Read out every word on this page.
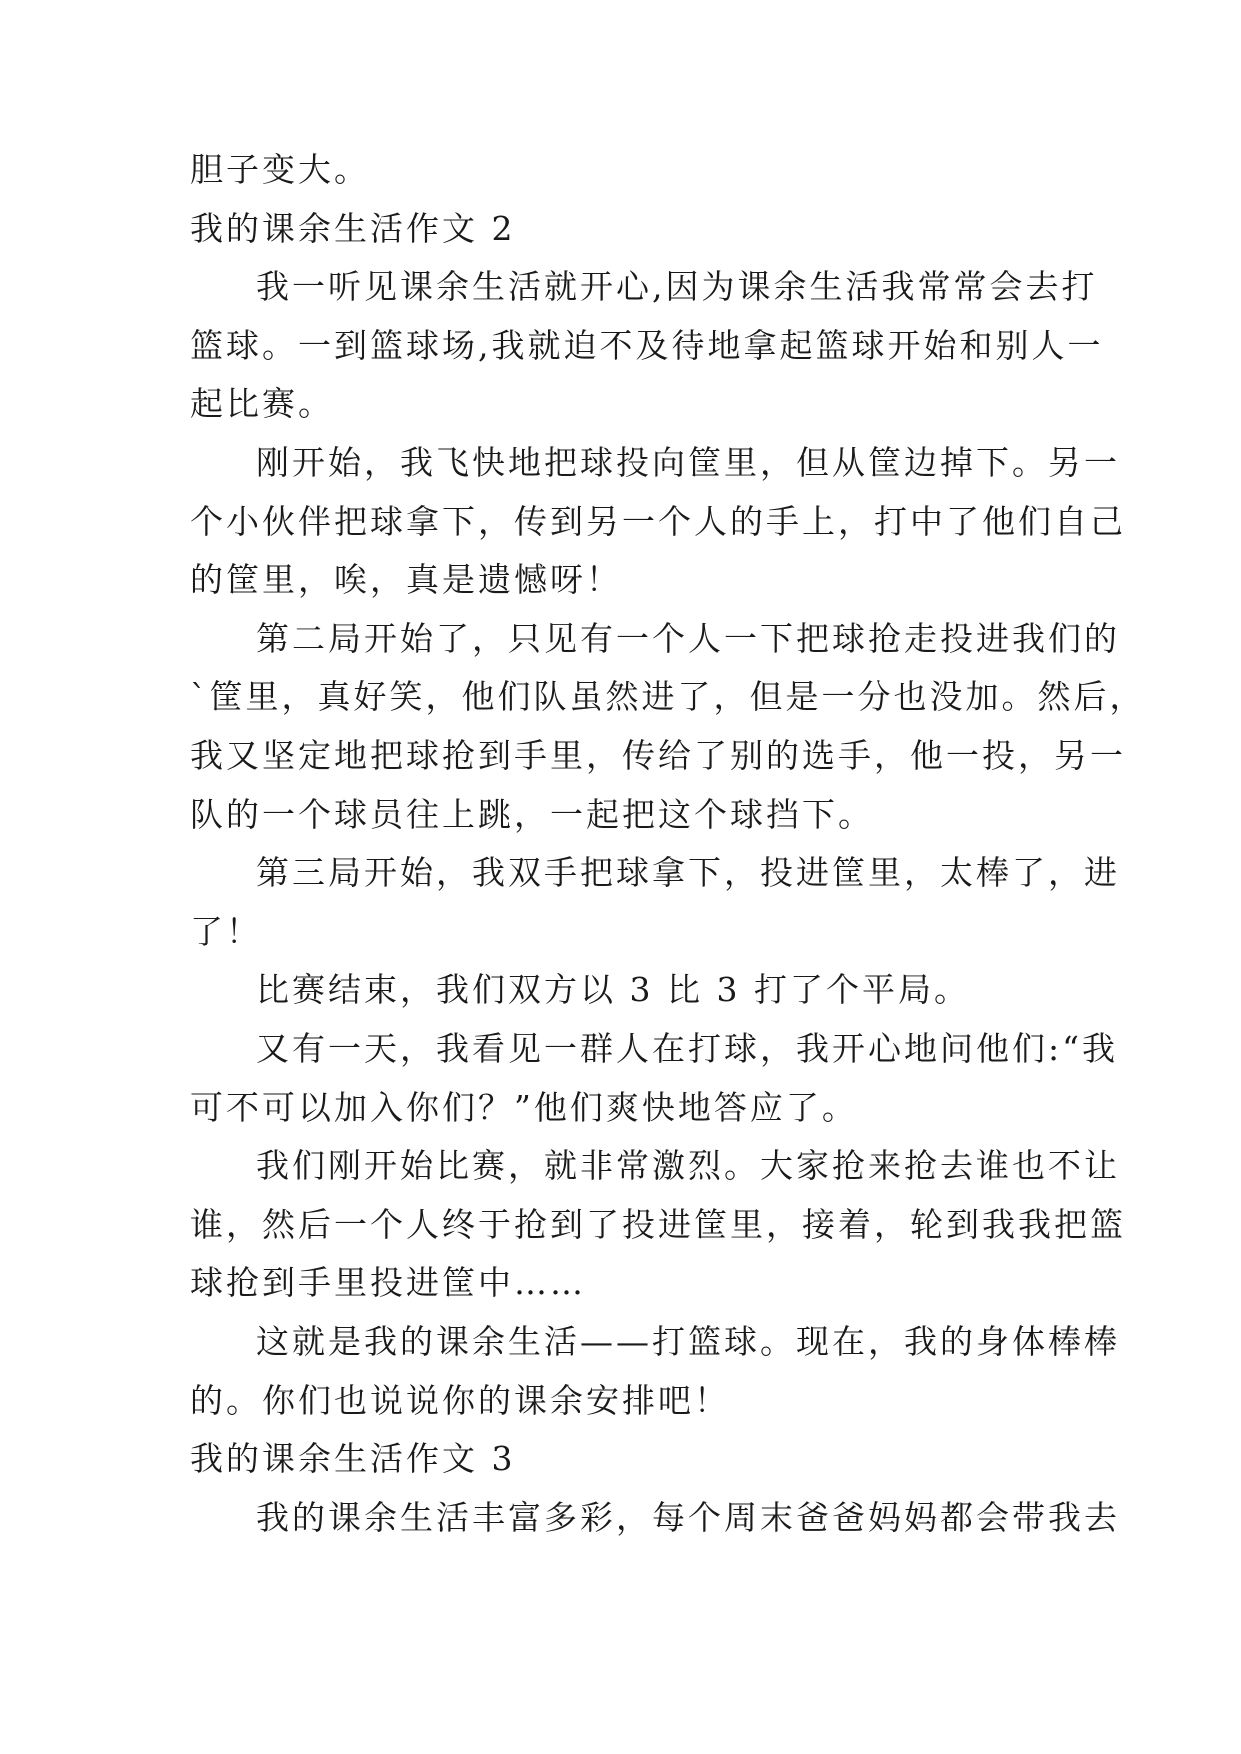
胆子变大。

我的课余生活作文 2

我一听见课余生活就开心,因为课余生活我常常会去打

篮球。一到篮球场,我就迫不及待地拿起篮球开始和别人一

起比赛。

刚开始，我飞快地把球投向筐里，但从筐边掉下。另一

个小伙伴把球拿下，传到另一个人的手上，打中了他们自己

的筐里，唉，真是遗憾呀！

第二局开始了，只见有一个人一下把球抢走投进我们的

`筐里，真好笑，他们队虽然进了，但是一分也没加。然后，

我又坚定地把球抢到手里，传给了别的选手，他一投，另一

队的一个球员往上跳，一起把这个球挡下。

第三局开始，我双手把球拿下，投进筐里，太棒了，进

了！

比赛结束，我们双方以 3 比 3 打了个平局。

又有一天，我看见一群人在打球，我开心地问他们:“我

可不可以加入你们？”他们爽快地答应了。

我们刚开始比赛，就非常激烈。大家抢来抢去谁也不让

谁，然后一个人终于抢到了投进筐里，接着，轮到我我把篮

球抢到手里投进筐中……

这就是我的课余生活——打篮球。现在，我的身体棒棒

的。你们也说说你的课余安排吧！

我的课余生活作文 3

我的课余生活丰富多彩，每个周末爸爸妈妈都会带我去
